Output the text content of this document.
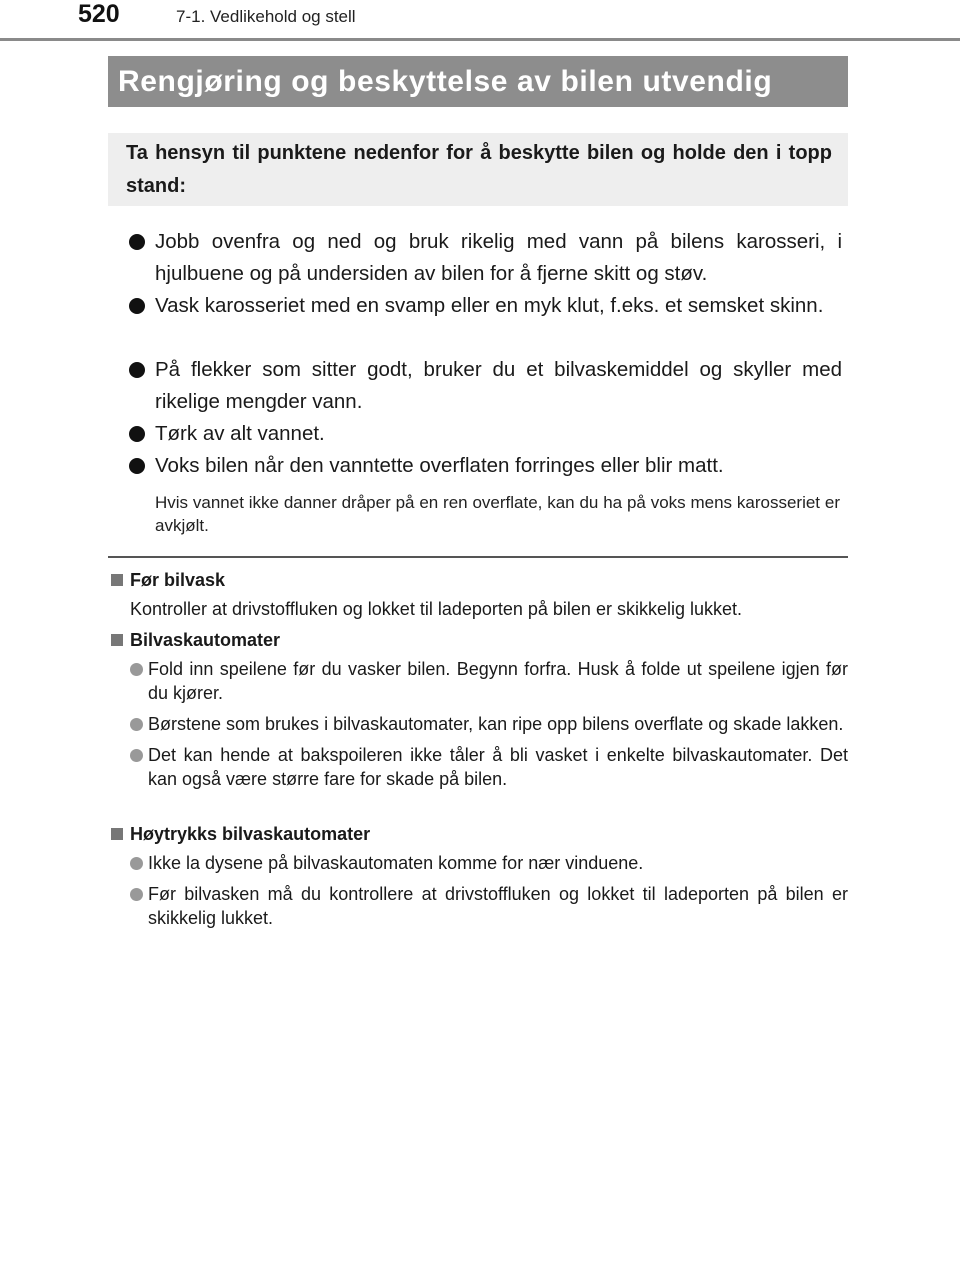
520	7-1. Vedlikehold og stell
Rengjøring og beskyttelse av bilen utvendig
Ta hensyn til punktene nedenfor for å beskytte bilen og holde den i topp stand:
Jobb ovenfra og ned og bruk rikelig med vann på bilens karosseri, i hjulbuene og på undersiden av bilen for å fjerne skitt og støv.
Vask karosseriet med en svamp eller en myk klut, f.eks. et semsket skinn.
På flekker som sitter godt, bruker du et bilvaskemiddel og skyller med rikelige mengder vann.
Tørk av alt vannet.
Voks bilen når den vanntette overflaten forringes eller blir matt.
Hvis vannet ikke danner dråper på en ren overflate, kan du ha på voks mens karosseriet er avkjølt.
Før bilvask
Kontroller at drivstoffluken og lokket til ladeporten på bilen er skikkelig lukket.
Bilvaskautomater
Fold inn speilene før du vasker bilen. Begynn forfra. Husk å folde ut speilene igjen før du kjører.
Børstene som brukes i bilvaskautomater, kan ripe opp bilens overflate og skade lakken.
Det kan hende at bakspoileren ikke tåler å bli vasket i enkelte bilvaskautomater. Det kan også være større fare for skade på bilen.
Høytrykks bilvaskautomater
Ikke la dysene på bilvaskautomaten komme for nær vinduene.
Før bilvasken må du kontrollere at drivstoffluken og lokket til ladeporten på bilen er skikkelig lukket.
